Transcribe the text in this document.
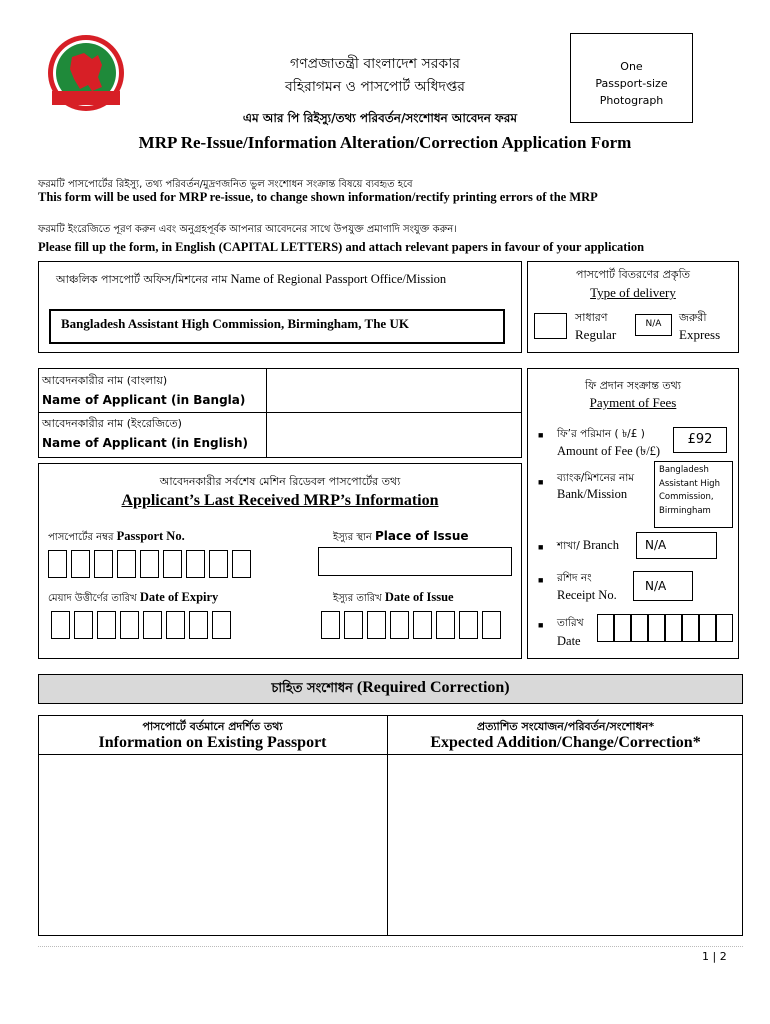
গণপ্রজাতন্ত্রী বাংলাদেশ সরকার
বহিরাগমন ও পাসপোর্ট অধিদপ্তর
One
Passport-size
Photograph
এম আর পি রিইস্যু/তথ্য পরিবর্তন/সংশোধন আবেদন ফরম
MRP Re-Issue/Information Alteration/Correction Application Form
ফরমটি পাসপোর্টের রিইস্যু, তথ্য পরিবর্তন/মুদ্রণজনিত ভুল সংশোধন সংক্রান্ত বিষয়ে ব্যবহৃত হবে
This form will be used for MRP re-issue, to change shown information/rectify printing errors of the MRP
ফরমটি ইংরেজিতে পূরণ করুন এবং অনুগ্রহপূর্বক আপনার আবেদনের সাথে উপযুক্ত প্রমাণাদি সংযুক্ত করুন।
Please fill up the form, in English (CAPITAL LETTERS) and attach relevant papers in favour of your application
আঞ্চলিক পাসপোর্ট অফিস/মিশনের নাম Name of Regional Passport Office/Mission
Bangladesh Assistant High Commission, Birmingham, The UK
পাসপোর্ট বিতরণের প্রকৃতি
Type of delivery
সাধারণ
Regular
N/A	জরুরী
Express
আবেদনকারীর নাম (বাংলায়)
Name of Applicant (in Bangla)
আবেদনকারীর নাম (ইংরেজিতে)
Name of Applicant (in English)
আবেদনকারীর সর্বশেষ মেশিন রিডেবল পাসপোর্টের তথ্য
Applicant’s Last Received MRP’s Information
পাসপোর্টের নম্বর Passport No.	ইস্যুর স্থান Place of Issue
মেয়াদ উত্তীর্ণের তারিখ Date of Expiry	ইস্যুর তারিখ Date of Issue
ফি প্রদান সংক্রান্ত তথ্য
Payment of Fees
■ ফি’র পরিমান ( ৳/£ )
Amount of Fee (৳/£)
£92
■ ব্যাংক/মিশনের নাম
Bank/Mission
Bangladesh Assistant High Commission, Birmingham
■ শাখা/ Branch	N/A
■ রশিদ নং
Receipt No.
N/A
■ তারিখ
Date
চাহিত সংশোধন (Required Correction)
পাসপোর্টে বর্তমানে প্রদর্শিত তথ্য
Information on Existing Passport
প্রত্যাশিত সংযোজন/পরিবর্তন/সংশোধন*
Expected Addition/Change/Correction*
1 | 2
